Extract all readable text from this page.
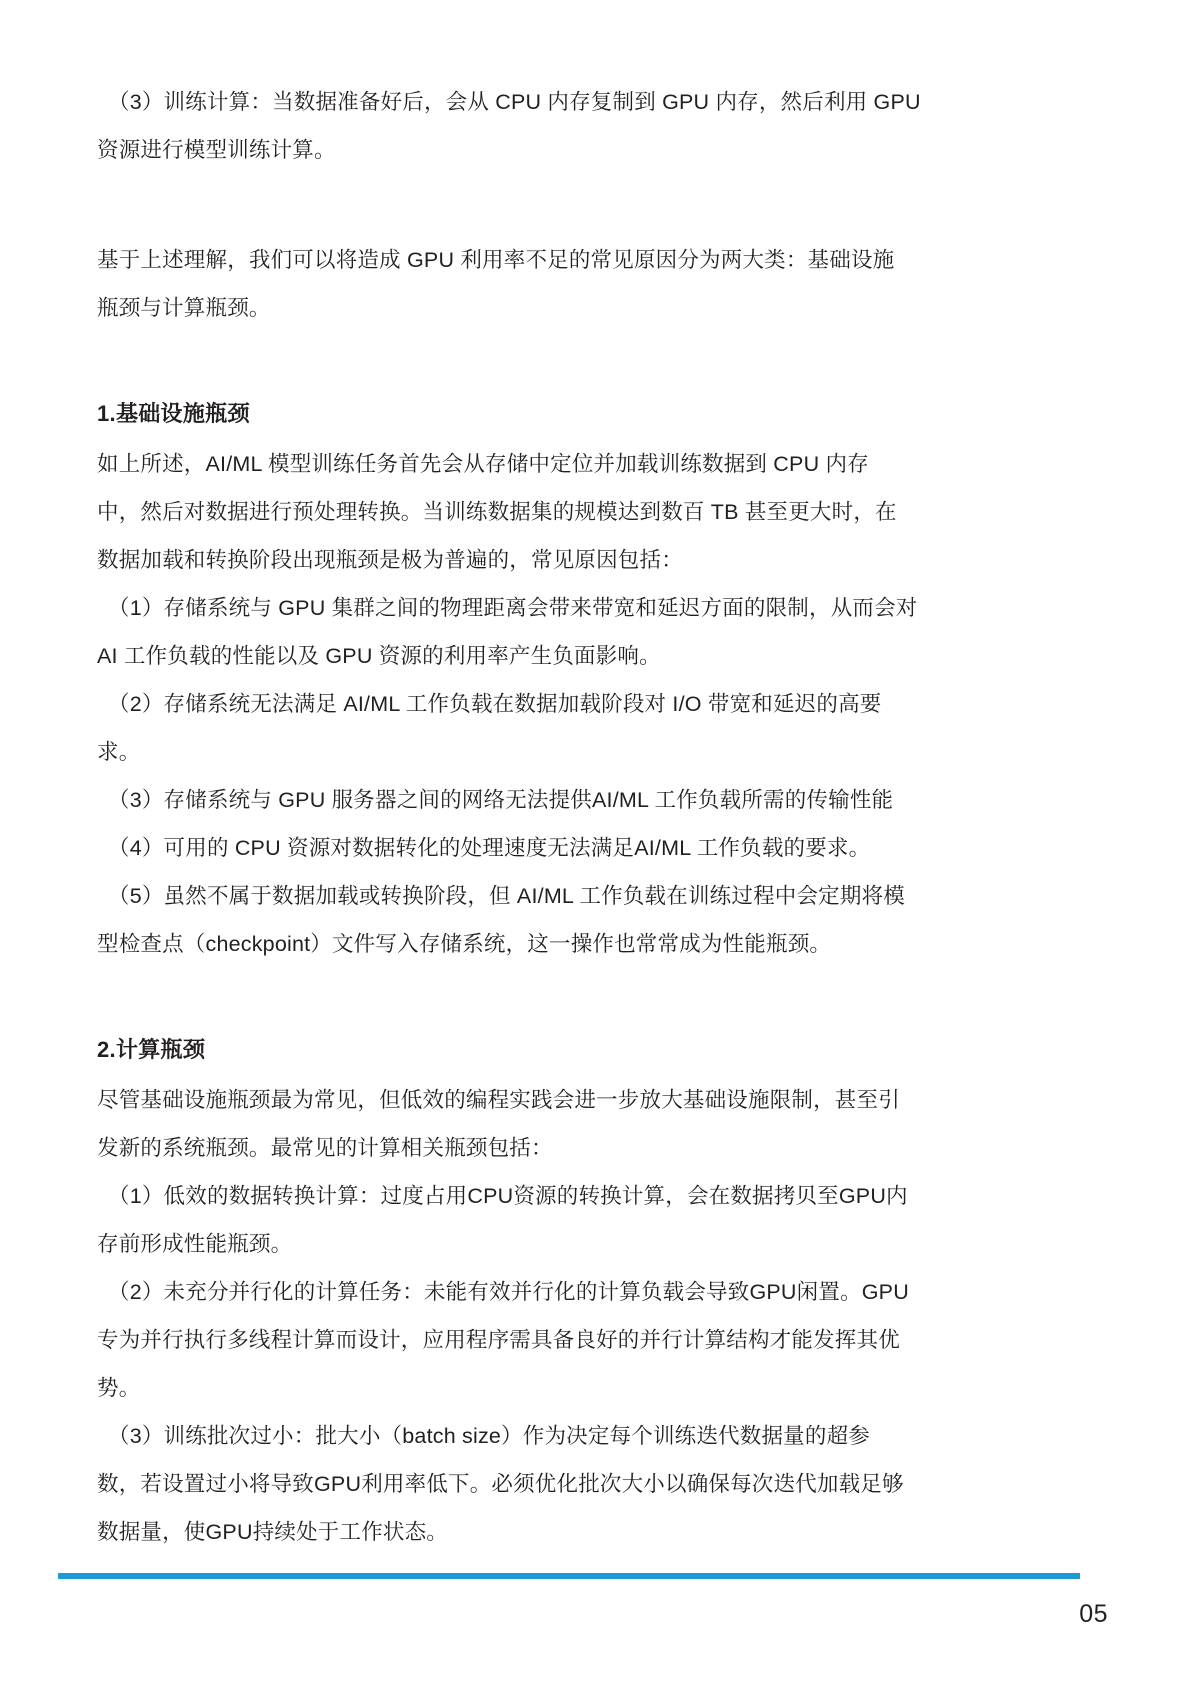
（3）训练计算：当数据准备好后，会从 CPU 内存复制到 GPU 内存，然后利用 GPU
资源进行模型训练计算。
基于上述理解，我们可以将造成 GPU 利用率不足的常见原因分为两大类：基础设施
瓶颈与计算瓶颈。
1.基础设施瓶颈
如上所述，AI/ML 模型训练任务首先会从存储中定位并加载训练数据到 CPU 内存
中，然后对数据进行预处理转换。当训练数据集的规模达到数百 TB 甚至更大时，在
数据加载和转换阶段出现瓶颈是极为普遍的，常见原因包括：
（1）存储系统与 GPU 集群之间的物理距离会带来带宽和延迟方面的限制，从而会对
AI 工作负载的性能以及 GPU 资源的利用率产生负面影响。
（2）存储系统无法满足 AI/ML 工作负载在数据加载阶段对 I/O 带宽和延迟的高要
求。
（3）存储系统与 GPU 服务器之间的网络无法提供AI/ML 工作负载所需的传输性能
（4）可用的 CPU 资源对数据转化的处理速度无法满足AI/ML 工作负载的要求。
（5）虽然不属于数据加载或转换阶段，但 AI/ML 工作负载在训练过程中会定期将模
型检查点（checkpoint）文件写入存储系统，这一操作也常常成为性能瓶颈。
2.计算瓶颈
尽管基础设施瓶颈最为常见，但低效的编程实践会进一步放大基础设施限制，甚至引
发新的系统瓶颈。最常见的计算相关瓶颈包括：
（1）低效的数据转换计算：过度占用CPU资源的转换计算，会在数据拷贝至GPU内
存前形成性能瓶颈。
（2）未充分并行化的计算任务：未能有效并行化的计算负载会导致GPU闲置。GPU
专为并行执行多线程计算而设计，应用程序需具备良好的并行计算结构才能发挥其优
势。
（3）训练批次过小：批大小（batch size）作为决定每个训练迭代数据量的超参
数，若设置过小将导致GPU利用率低下。必须优化批次大小以确保每次迭代加载足够
数据量，使GPU持续处于工作状态。
05
